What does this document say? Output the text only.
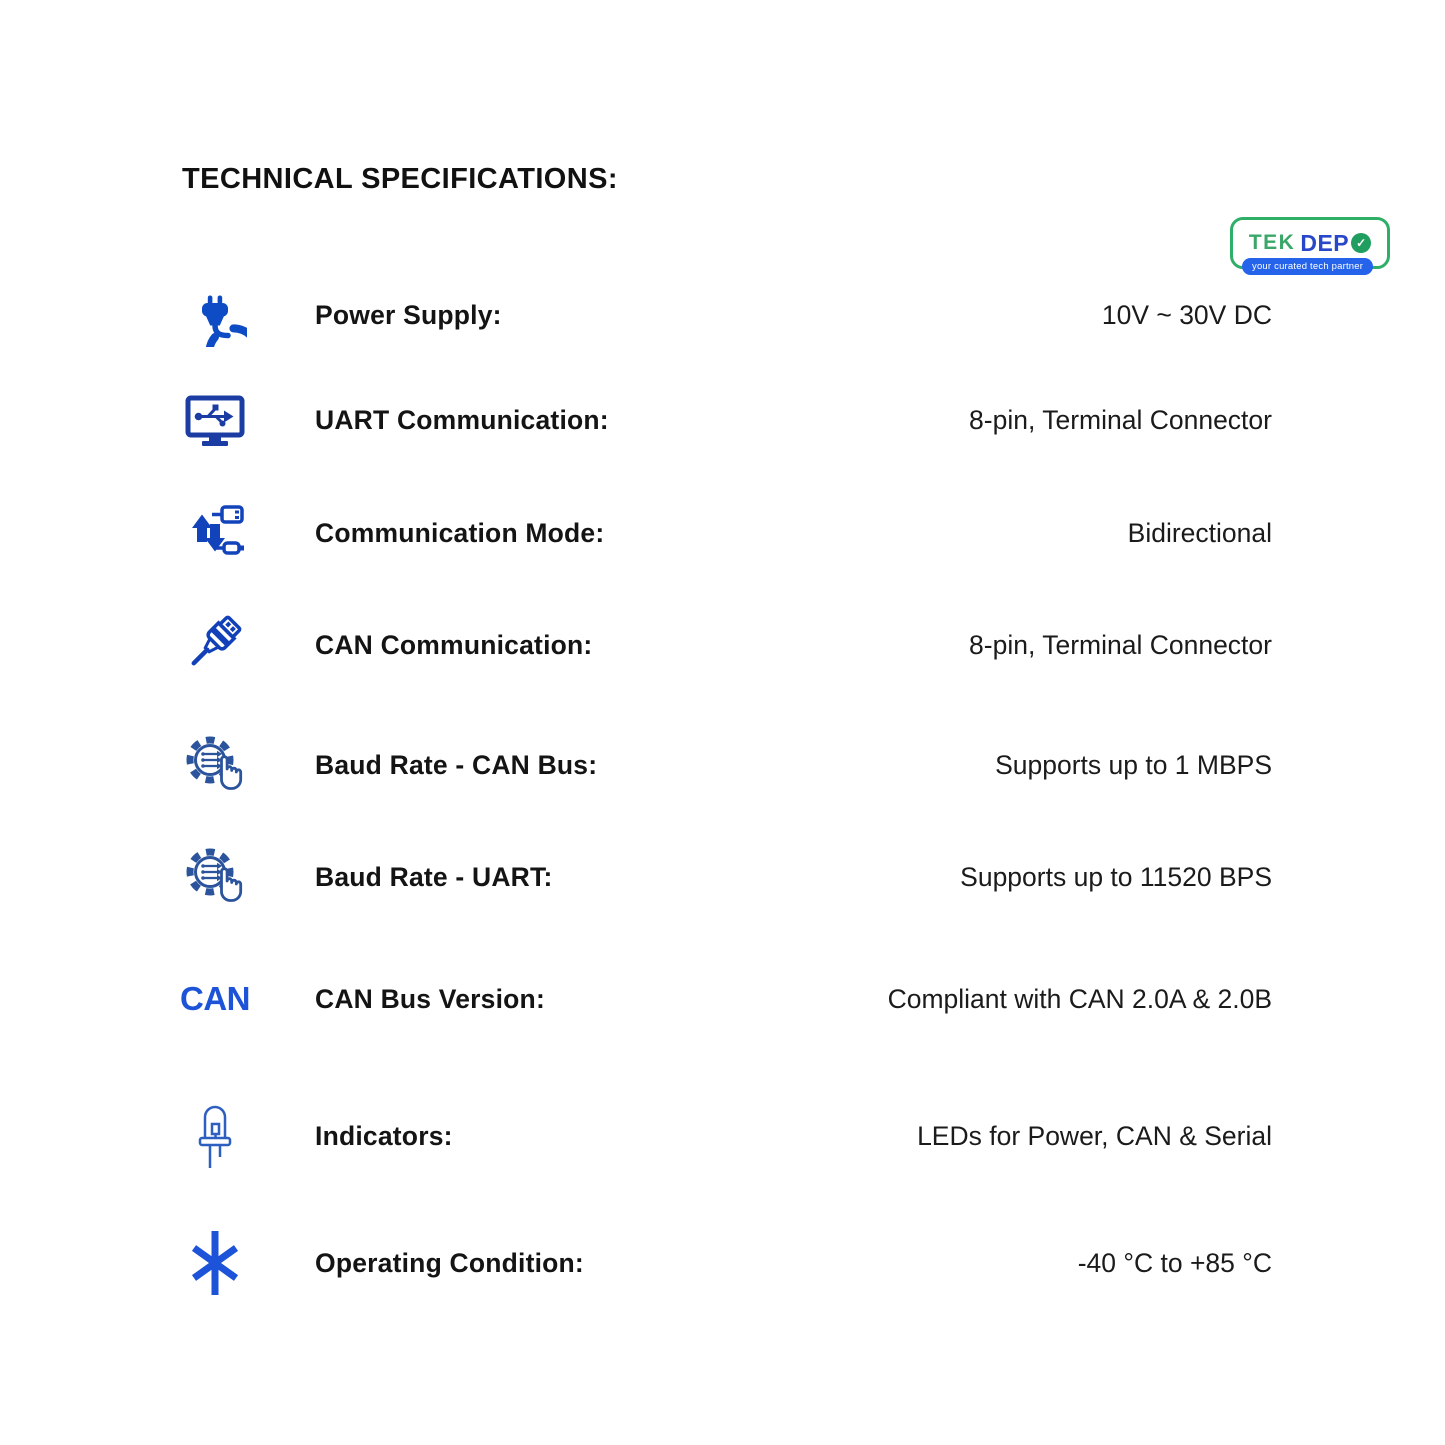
TEK DEP ✓
your curated tech partner
TECHNICAL SPECIFICATIONS:
Power Supply:	10V ~ 30V DC
UART Communication:	8-pin, Terminal Connector
Communication Mode:	Bidirectional
CAN Communication:	8-pin, Terminal Connector
Baud Rate - CAN Bus:	Supports up to 1 MBPS
Baud Rate - UART:	Supports up to 11520 BPS
CAN CAN Bus Version:	Compliant with CAN 2.0A & 2.0B
Indicators:	LEDs for Power, CAN & Serial
Operating Condition:	-40 °C to +85 °C
